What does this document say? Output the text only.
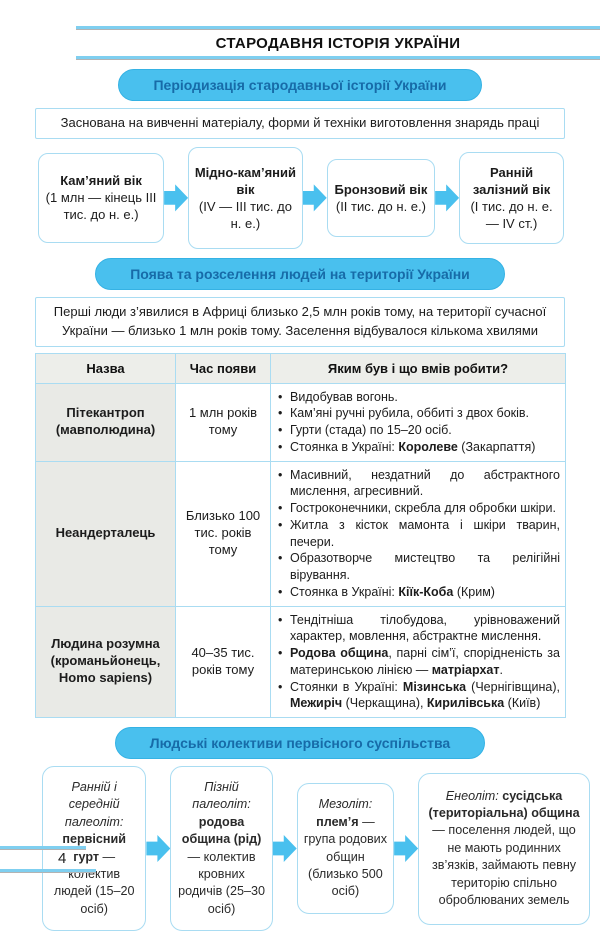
СТАРОДАВНЯ ІСТОРІЯ УКРАЇНИ
Періодизація стародавньої історії України
Заснована на вивченні матеріалу, форми й техніки виготовлення знарядь праці
Кам’яний вік
(1 млн — кінець III тис. до н. е.)
Мідно-кам’яний вік
(IV — III тис. до н. е.)
Бронзовий вік
(II тис. до н. е.)
Ранній залізний вік
(I тис. до н. е. — IV ст.)
Поява та розселення людей на території України
Перші люди з’явилися в Африці близько 2,5 млн років тому, на території сучасної України — близько 1 млн років тому. Заселення відбувалося кількома хвилями
Назва	Час появи	Яким був і що вмів робити?
Пітекантроп (мавполюдина)	1 млн років тому	
• Видобував вогонь.
• Кам’яні ручні рубила, оббиті з двох боків.
• Гурти (стада) по 15–20 осіб.
• Стоянка в Україні: Королеве (Закарпаття)

Неандерталець	Близько 100 тис. років тому	
• Масивний, нездатний до абстрактного мислення, агресивний.
• Гостроконечники, скребла для обробки шкіри.
• Житла з кісток мамонта і шкіри тварин, печери.
• Образотворче мистецтво та релігійні вірування.
• Стоянка в Україні: Кіїк-Коба (Крим)

Людина розумна (кроманьйонець, Homo sapiens)	40–35 тис. років тому	
• Тендітніша тілобудова, урівноважений характер, мовлення, абстрактне мислення.
• Родова община, парні сім’ї, спорідненість за материнською лінією — матріархат.
• Стоянки в Україні: Мізинська (Чернігівщина), Межиріч (Черкащина), Кирилівська (Київ)
Людські колективи первісного суспільства
Ранній і середній палеоліт: первісний гурт — колектив людей (15–20 осіб)
Пізній палеоліт: родова община (рід) — колектив кровних родичів (25–30 осіб)
Мезоліт: плем’я — група родових общин (близько 500 осіб)
Енеоліт: сусідська (територіальна) община — поселення людей, що не мають родинних зв’язків, займають певну територію спільно оброблюваних земель
4
